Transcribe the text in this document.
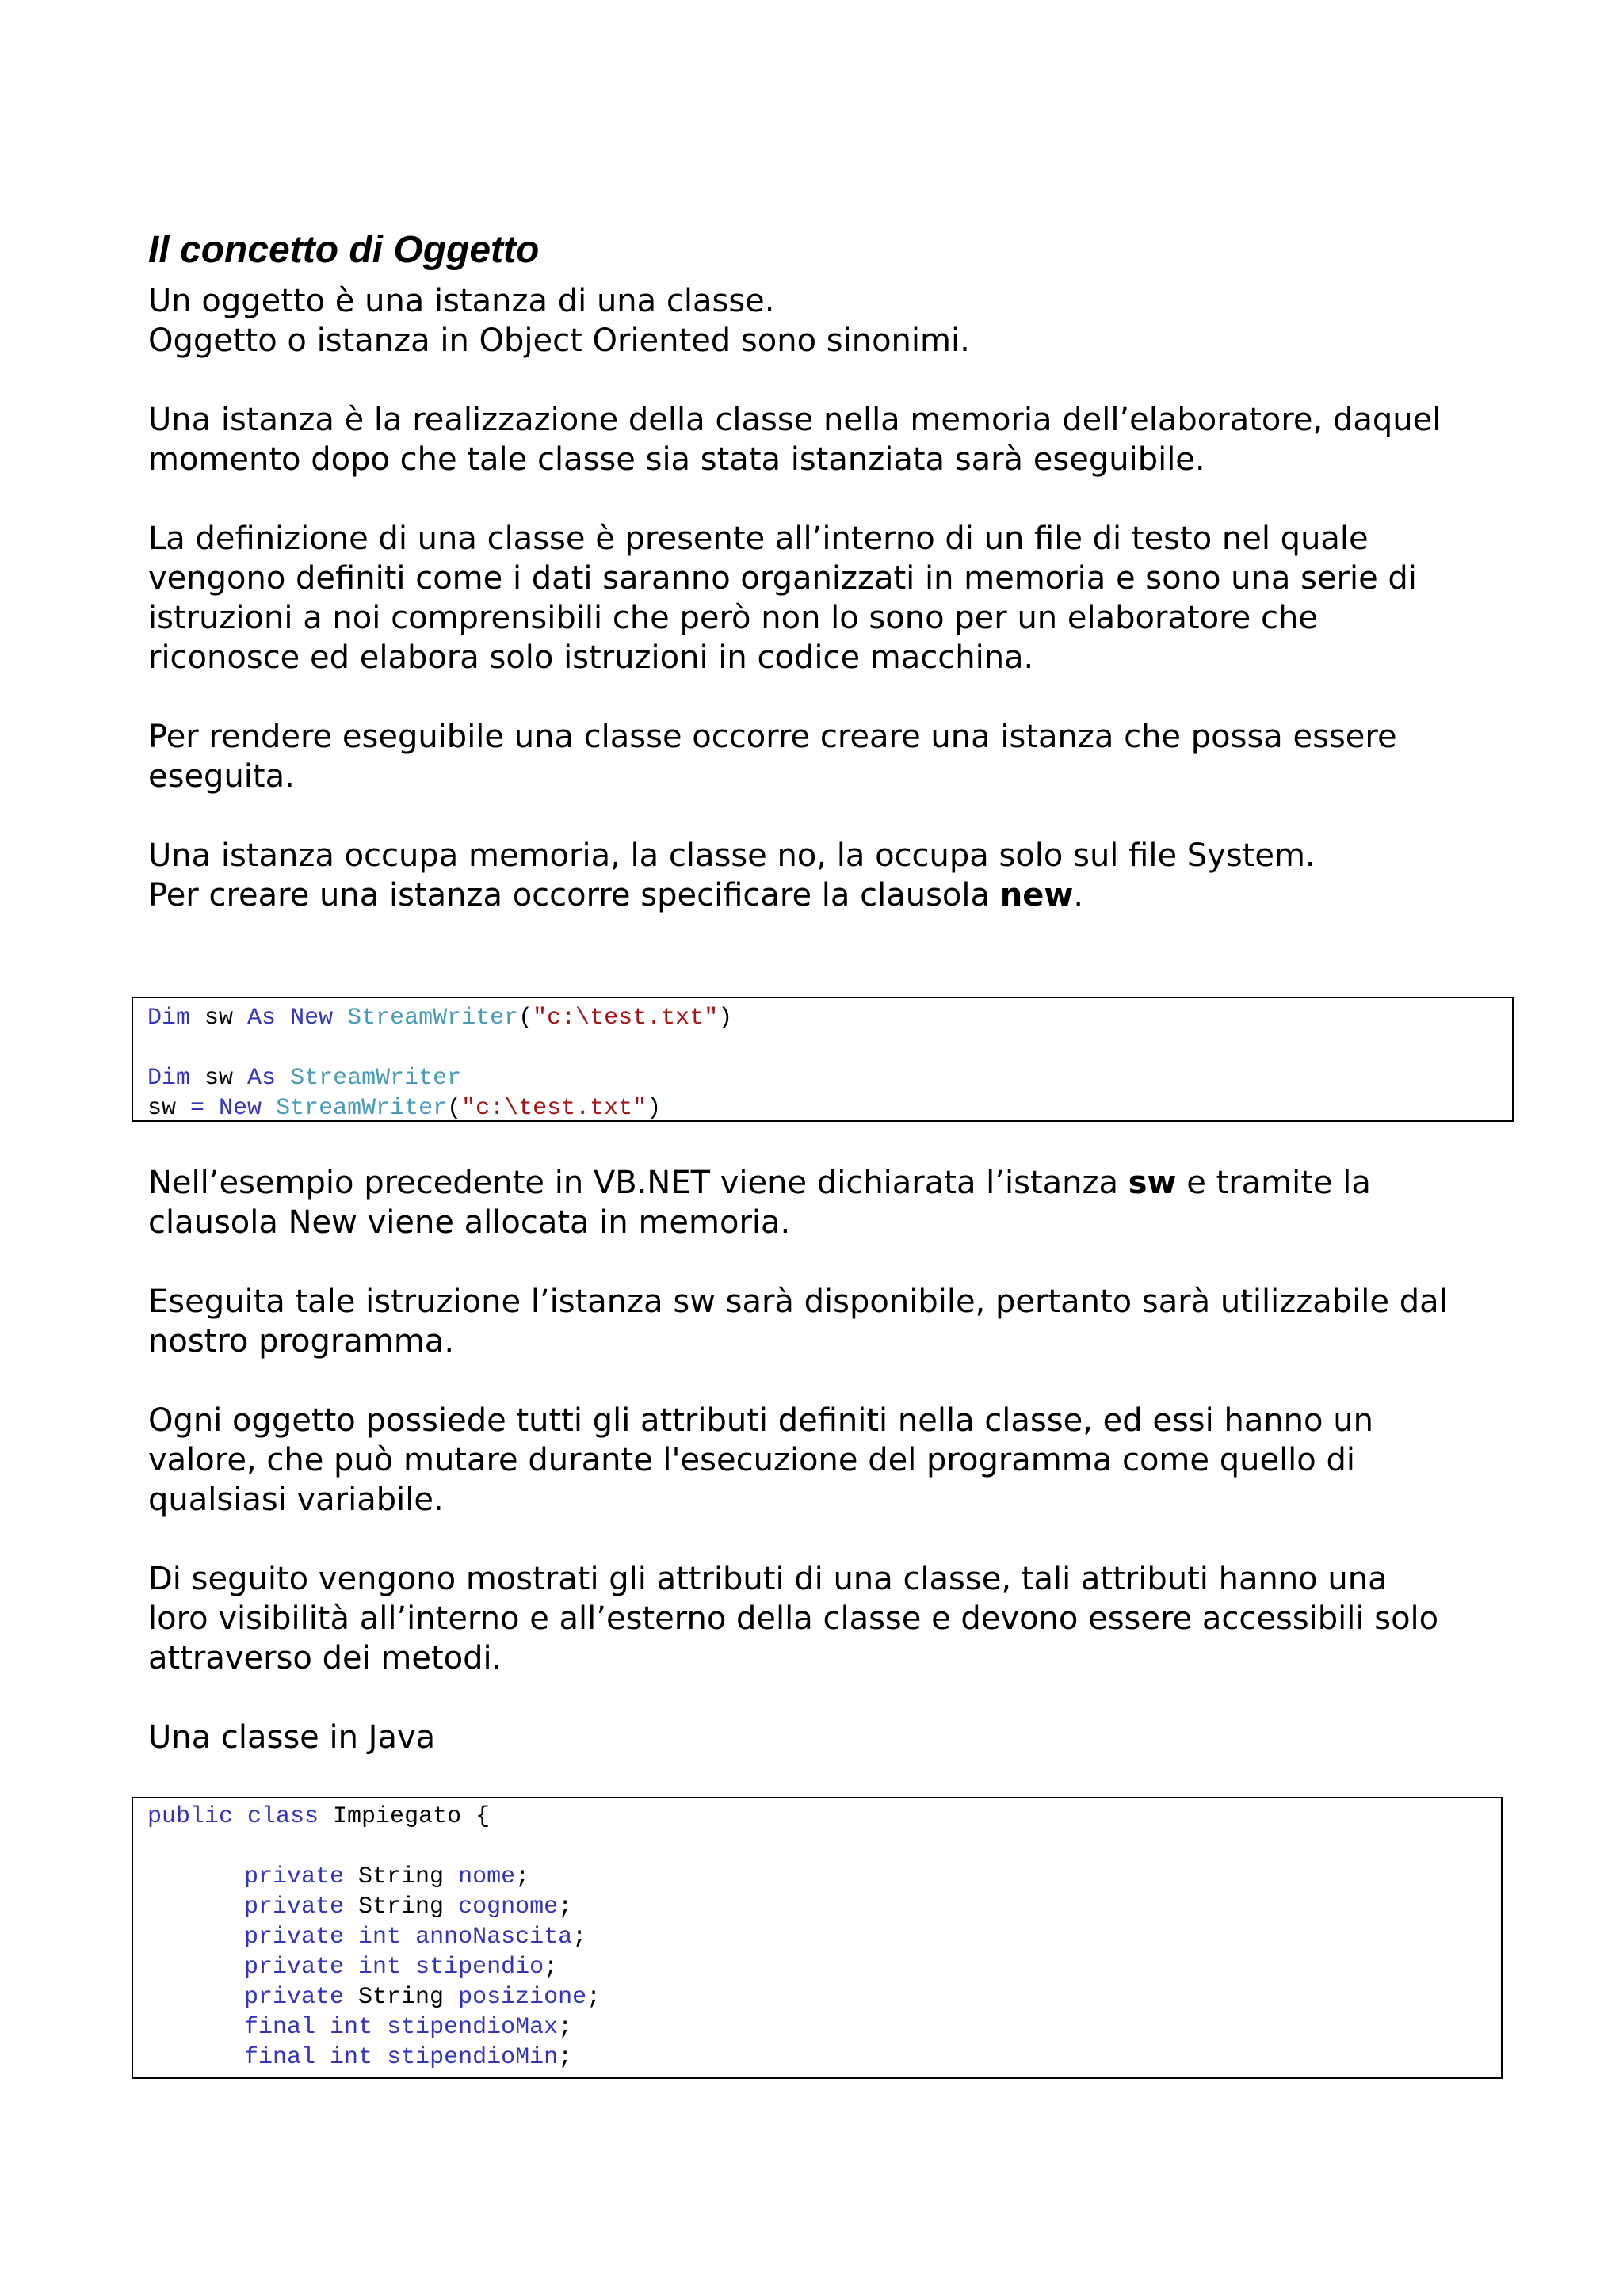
Il concetto di Oggetto
Un oggetto è una istanza di una classe.
Oggetto o istanza in Object Oriented sono sinonimi.
Una istanza è la realizzazione della classe nella memoria dell’elaboratore, daquel
momento dopo che tale classe sia stata istanziata sarà eseguibile.
La definizione di una classe è presente all’interno di un file di testo nel quale
vengono definiti come i dati saranno organizzati in memoria e sono una serie di
istruzioni a noi comprensibili che però non lo sono per un elaboratore che
riconosce ed elabora solo istruzioni in codice macchina.
Per rendere eseguibile una classe occorre creare una istanza che possa essere
eseguita.
Una istanza occupa memoria, la classe no, la occupa solo sul file System.
Per creare una istanza occorre specificare la clausola new.
Dim sw As New StreamWriter("c:\test.txt")
Dim sw As StreamWriter
sw = New StreamWriter("c:\test.txt")
Nell’esempio precedente in VB.NET viene dichiarata l’istanza sw e tramite la
clausola New viene allocata in memoria.
Eseguita tale istruzione l’istanza sw sarà disponibile, pertanto sarà utilizzabile dal
nostro programma.
Ogni oggetto possiede tutti gli attributi definiti nella classe, ed essi hanno un
valore, che può mutare durante l'esecuzione del programma come quello di
qualsiasi variabile.
Di seguito vengono mostrati gli attributi di una classe, tali attributi hanno una
loro visibilità all’interno e all’esterno della classe e devono essere accessibili solo
attraverso dei metodi.
Una classe in Java
public class Impiegato {
private String nome;
private String cognome;
private int annoNascita;
private int stipendio;
private String posizione;
final int stipendioMax;
final int stipendioMin;
